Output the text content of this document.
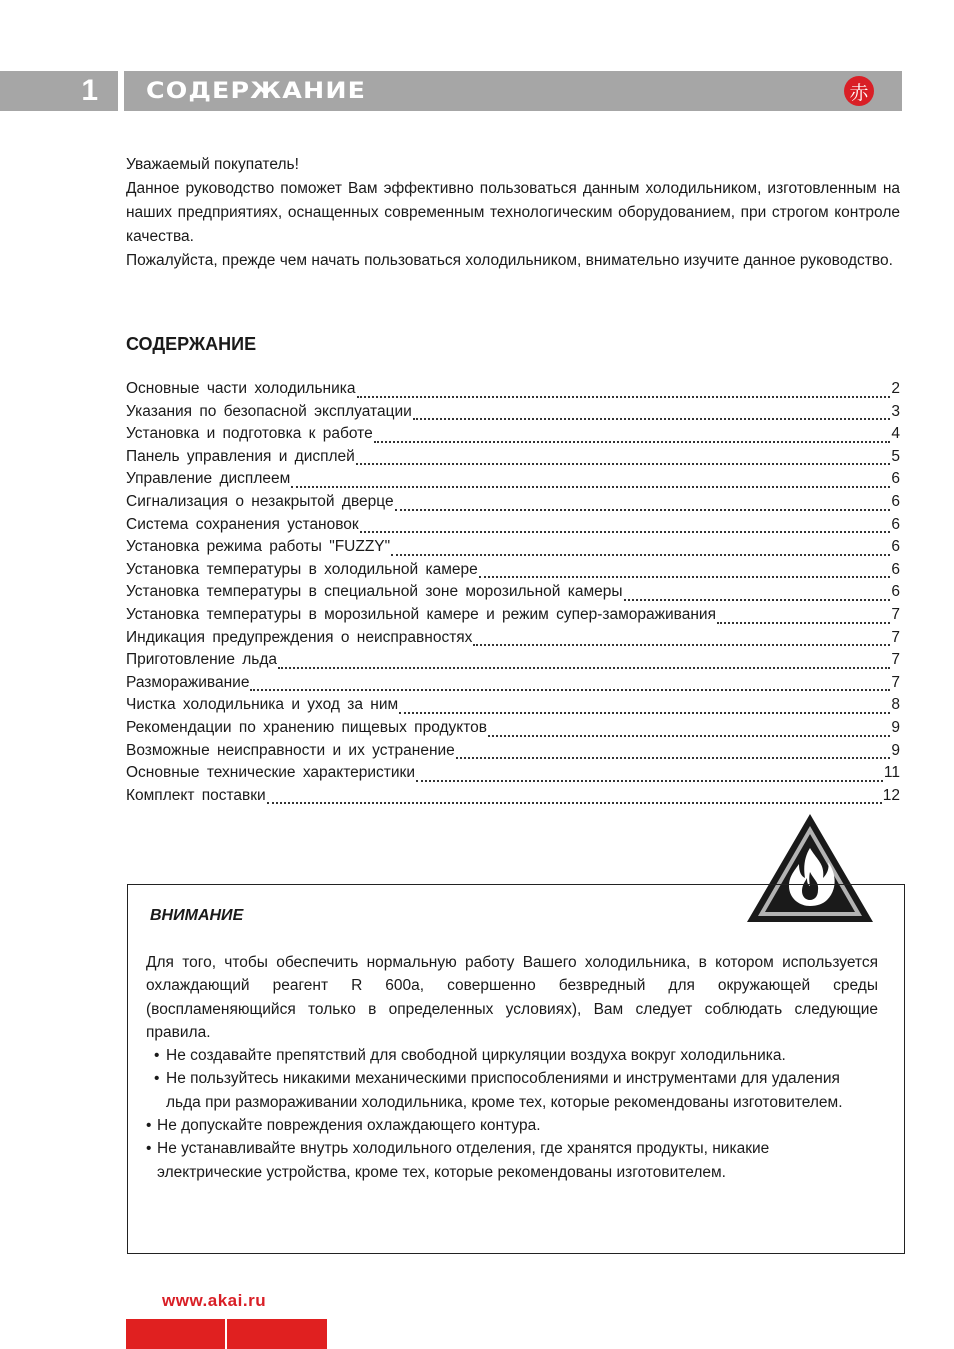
1 СОДЕРЖАНИЕ	赤

Уважаемый покупатель!

Данное руководство поможет Вам эффективно пользоваться данным холодильником, изготовленным на наших предприятиях, оснащенных современным технологическим оборудованием, при строгом контроле качества.

Пожалуйста, прежде чем начать пользоваться холодильником, внимательно изучите данное руководство.

СОДЕРЖАНИЕ
Основные части холодильника	2
Указания по безопасной эксплуатации	3
Установка и подготовка к работе	4
Панель управления и дисплей	5
Управление дисплеем	6
Сигнализация о незакрытой дверце	6
Система сохранения установок	6
Установка режима работы "FUZZY"	6
Установка температуры в холодильной камере	6
Установка температуры в специальной зоне морозильной камеры	6
Установка температуры в морозильной камере и режим супер-замораживания	7
Индикация предупреждения о неисправностях	7
Приготовление льда	7
Размораживание	7
Чистка холодильника и уход за ним	8
Рекомендации по хранению пищевых продуктов	9
Возможные неисправности и их устранение	9
Основные технические характеристики	11
Комплект поставки	12
ВНИМАНИЕ

Для того, чтобы обеспечить нормальную работу Вашего холодильника, в котором используется охлаждающий реагент R 600a, совершенно безвредный для окружающей среды (воспламеняющийся только в определенных условиях), Вам следует соблюдать следующие правила.

• Не создавайте препятствий для свободной циркуляции воздуха вокруг холодильника.
• Не пользуйтесь никакими механическими приспособлениями и инструментами для удаления льда при размораживании холодильника, кроме тех, которые рекомендованы изготовителем.
• Не допускайте повреждения охлаждающего контура.
• Не устанавливайте внутрь холодильного отделения, где хранятся продукты, никакие электрические устройства, кроме тех, которые рекомендованы изготовителем.
www.akai.ru
